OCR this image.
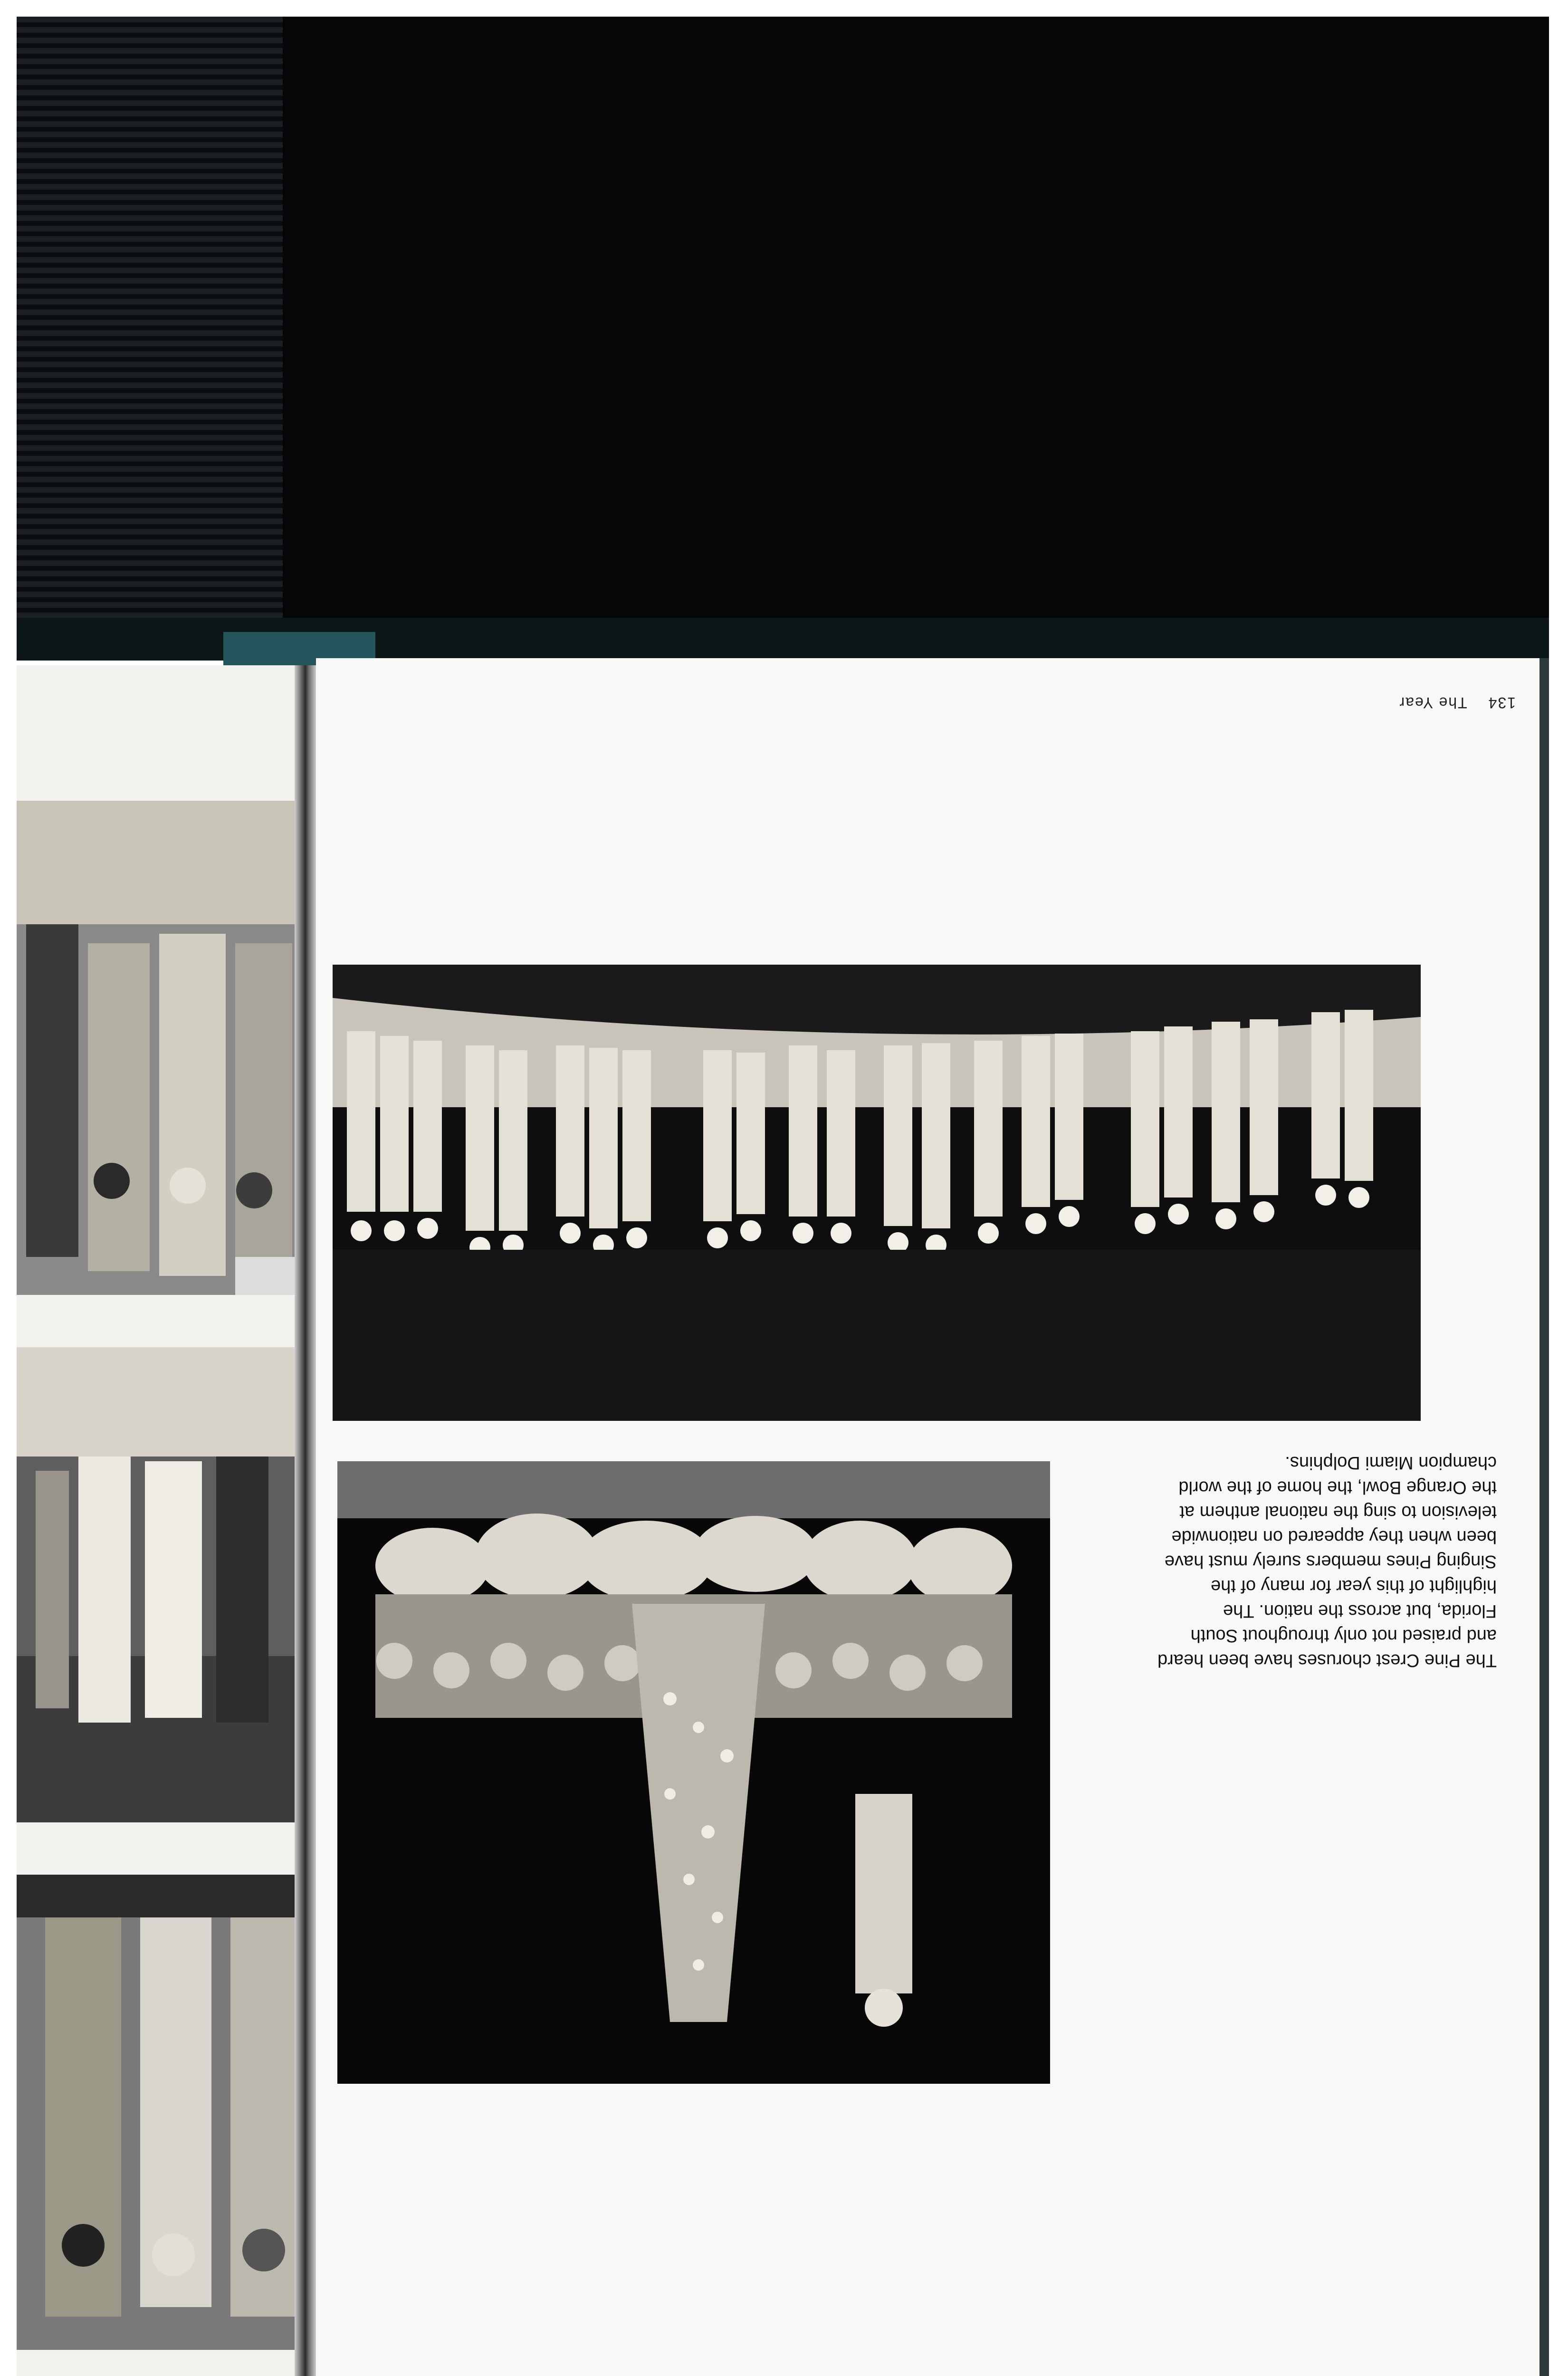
134    The Year

The Pine Crest choruses have been heard

and praised not only throughout South

Florida, but across the nation. The

highlight of this year for many of the

Singing Pines members surely must have

been when they appeared on nationwide

television to sing the national anthem at

the Orange Bowl, the home of the world

champion Miami Dolphins.
